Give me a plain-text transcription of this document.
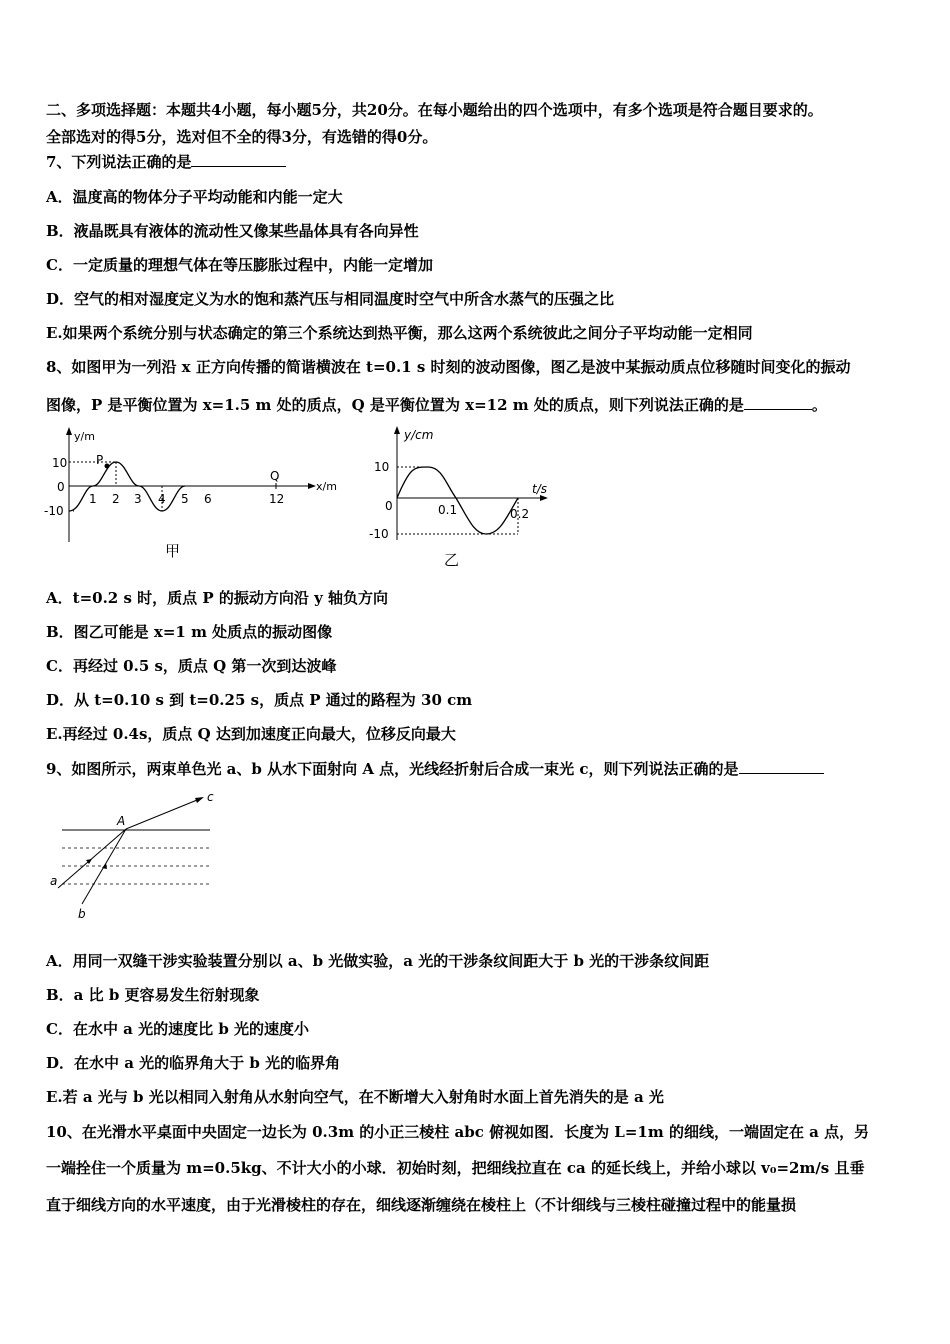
二、多项选择题：本题共4小题，每小题5分，共20分。在每小题给出的四个选项中，有多个选项是符合题目要求的。
全部选对的得5分，选对但不全的得3分，有选错的得0分。
7、下列说法正确的是
A．温度高的物体分子平均动能和内能一定大
B．液晶既具有液体的流动性又像某些晶体具有各向异性
C．一定质量的理想气体在等压膨胀过程中，内能一定增加
D．空气的相对湿度定义为水的饱和蒸汽压与相同温度时空气中所含水蒸气的压强之比
E.如果两个系统分别与状态确定的第三个系统达到热平衡，那么这两个系统彼此之间分子平均动能一定相同
8、如图甲为一列沿 x 正方向传播的简谐横波在 t=0.1 s 时刻的波动图像，图乙是波中某振动质点位移随时间变化的振动
图像，P 是平衡位置为 x=1.5 m 处的质点，Q 是平衡位置为 x=12 m 处的质点，则下列说法正确的是	。
y/m
x/m
10
0
-10
P
Q
1 2 3 4 5 6	12
甲
y/cm
t/s
10
0
-10
0.1	0.2
乙
A．t=0.2 s 时，质点 P 的振动方向沿 y 轴负方向
B．图乙可能是 x=1 m 处质点的振动图像
C．再经过 0.5 s，质点 Q 第一次到达波峰
D．从 t=0.10 s 到 t=0.25 s，质点 P 通过的路程为 30 cm
E.再经过 0.4s，质点 Q 达到加速度正向最大，位移反向最大
9、如图所示，两束单色光 a、b 从水下面射向 A 点，光线经折射后合成一束光 c，则下列说法正确的是
A
a
b
c
A．用同一双缝干涉实验装置分别以 a、b 光做实验，a 光的干涉条纹间距大于 b 光的干涉条纹间距
B．a 比 b 更容易发生衍射现象
C．在水中 a 光的速度比 b 光的速度小
D．在水中 a 光的临界角大于 b 光的临界角
E.若 a 光与 b 光以相同入射角从水射向空气，在不断增大入射角时水面上首先消失的是 a 光
10、在光滑水平桌面中央固定一边长为 0.3m 的小正三棱柱 abc 俯视如图．长度为 L=1m 的细线，一端固定在 a 点，另
一端拴住一个质量为 m=0.5kg、不计大小的小球．初始时刻，把细线拉直在 ca 的延长线上，并给小球以 v₀=2m/s 且垂
直于细线方向的水平速度，由于光滑棱柱的存在，细线逐渐缠绕在棱柱上（不计细线与三棱柱碰撞过程中的能量损
